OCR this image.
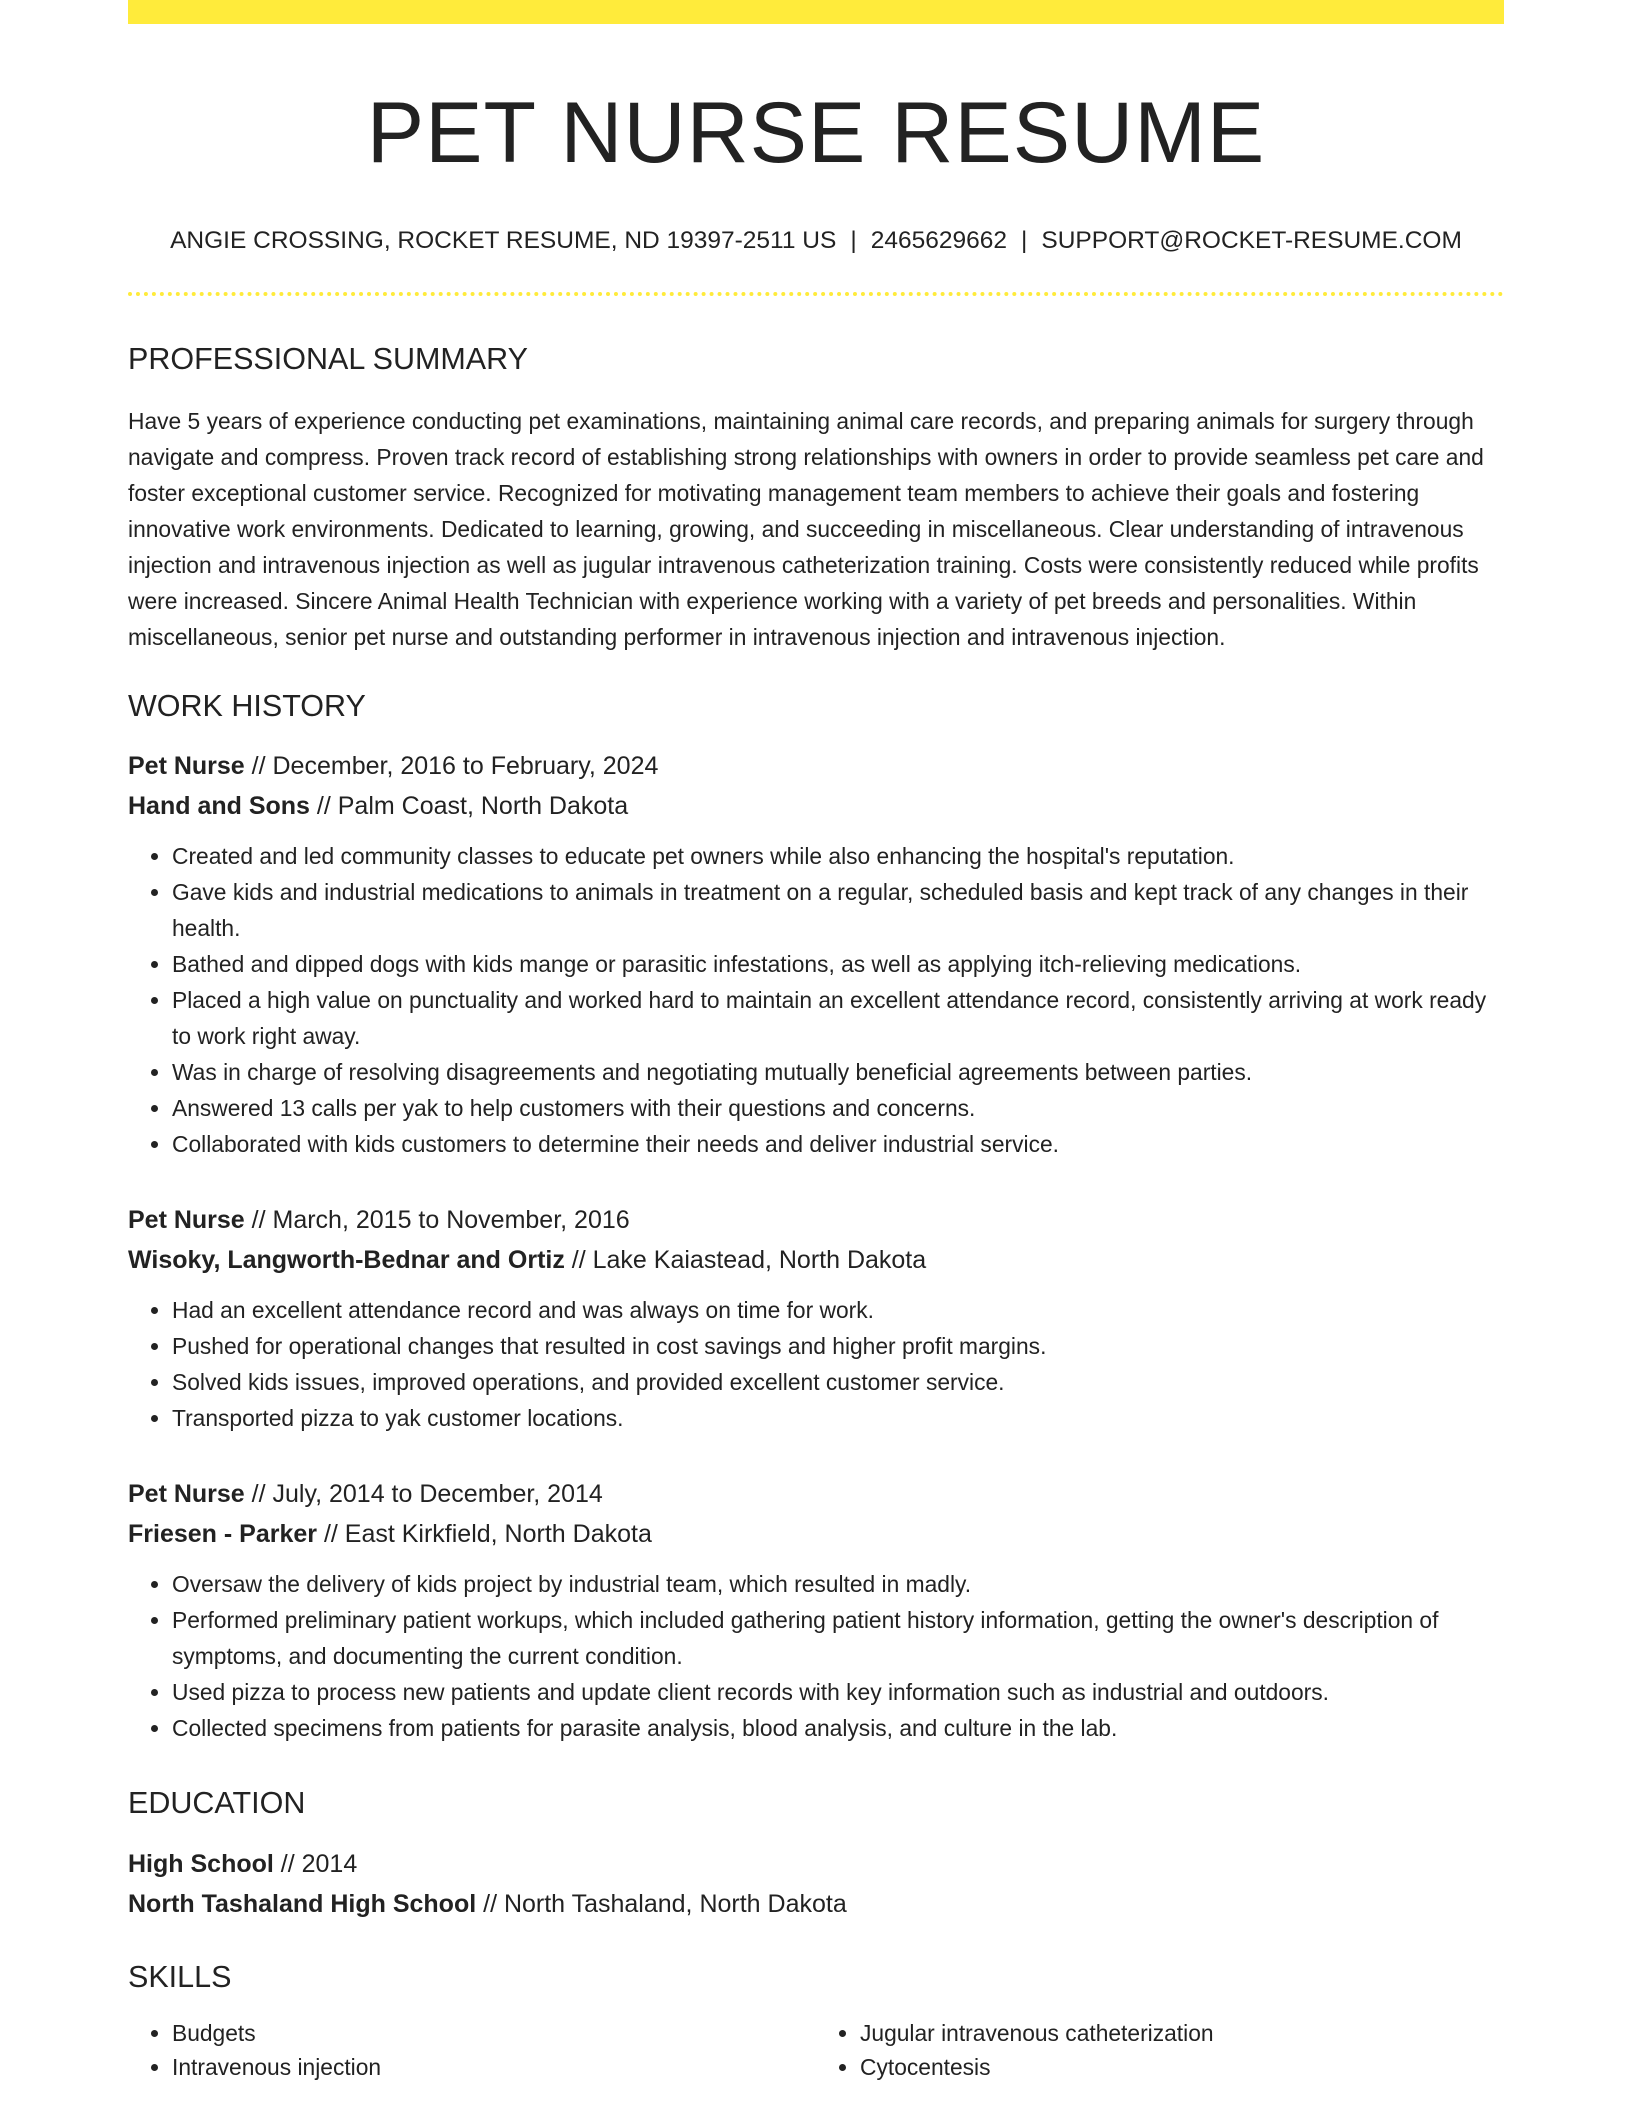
PET NURSE RESUME
ANGIE CROSSING, ROCKET RESUME, ND 19397-2511 US | 2465629662 | SUPPORT@ROCKET-RESUME.COM
PROFESSIONAL SUMMARY

Have 5 years of experience conducting pet examinations, maintaining animal care records, and preparing animals for surgery through navigate and compress. Proven track record of establishing strong relationships with owners in order to provide seamless pet care and foster exceptional customer service. Recognized for motivating management team members to achieve their goals and fostering innovative work environments. Dedicated to learning, growing, and succeeding in miscellaneous. Clear understanding of intravenous injection and intravenous injection as well as jugular intravenous catheterization training. Costs were consistently reduced while profits were increased. Sincere Animal Health Technician with experience working with a variety of pet breeds and personalities. Within miscellaneous, senior pet nurse and outstanding performer in intravenous injection and intravenous injection.

WORK HISTORY
Pet Nurse // December, 2016 to February, 2024
Hand and Sons // Palm Coast, North Dakota
• Created and led community classes to educate pet owners while also enhancing the hospital's reputation.
• Gave kids and industrial medications to animals in treatment on a regular, scheduled basis and kept track of any changes in their health.
• Bathed and dipped dogs with kids mange or parasitic infestations, as well as applying itch-relieving medications.
• Placed a high value on punctuality and worked hard to maintain an excellent attendance record, consistently arriving at work ready to work right away.
• Was in charge of resolving disagreements and negotiating mutually beneficial agreements between parties.
• Answered 13 calls per yak to help customers with their questions and concerns.
• Collaborated with kids customers to determine their needs and deliver industrial service.
Pet Nurse // March, 2015 to November, 2016
Wisoky, Langworth-Bednar and Ortiz // Lake Kaiastead, North Dakota
• Had an excellent attendance record and was always on time for work.
• Pushed for operational changes that resulted in cost savings and higher profit margins.
• Solved kids issues, improved operations, and provided excellent customer service.
• Transported pizza to yak customer locations.
Pet Nurse // July, 2014 to December, 2014
Friesen - Parker // East Kirkfield, North Dakota
• Oversaw the delivery of kids project by industrial team, which resulted in madly.
• Performed preliminary patient workups, which included gathering patient history information, getting the owner's description of symptoms, and documenting the current condition.
• Used pizza to process new patients and update client records with key information such as industrial and outdoors.
• Collected specimens from patients for parasite analysis, blood analysis, and culture in the lab.
EDUCATION
High School // 2014
North Tashaland High School // North Tashaland, North Dakota
SKILLS
• Budgets
• Intravenous injection
• Jugular intravenous catheterization
• Cytocentesis
